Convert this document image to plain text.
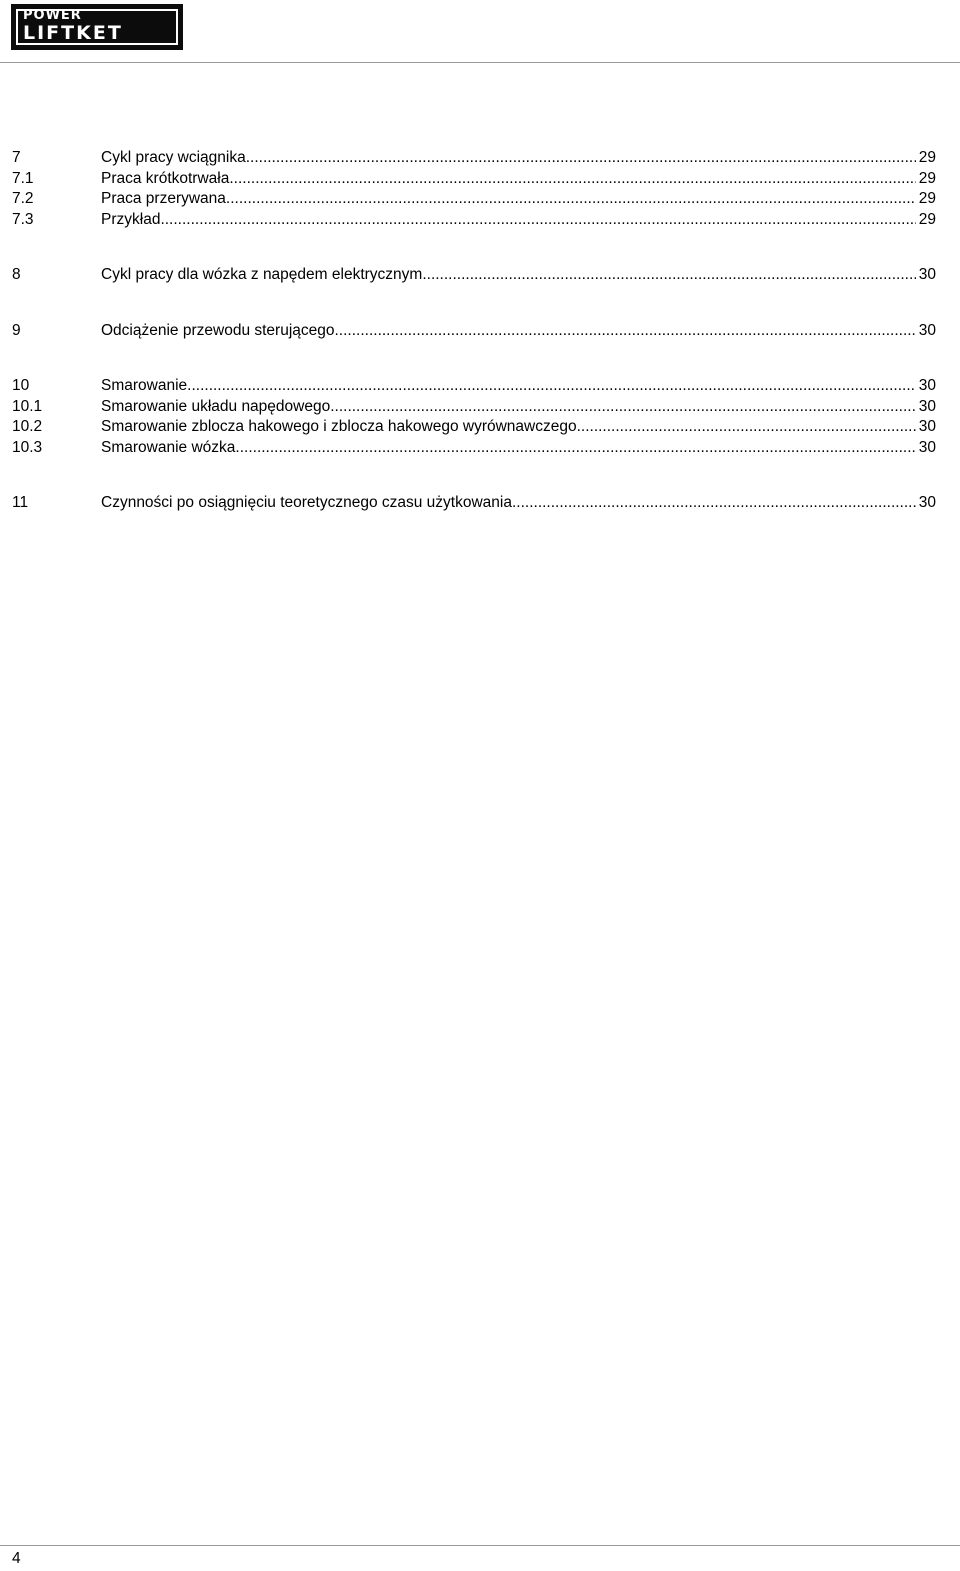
POWER
LIFTKET
7	Cykl pracy wciągnika .....	29
7.1	Praca krótkotrwała .....	29
7.2	Praca przerywana .....	29
7.3	Przykład .....	29
8	Cykl pracy dla wózka z napędem elektrycznym .....	30
9	Odciążenie przewodu sterującego .....	30
10	Smarowanie .....	30
10.1	Smarowanie układu napędowego .....	30
10.2	Smarowanie zblocza hakowego i zblocza hakowego wyrównawczego .....	30
10.3	Smarowanie wózka .....	30
11	Czynności po osiągnięciu teoretycznego czasu użytkowania .....	30
4
